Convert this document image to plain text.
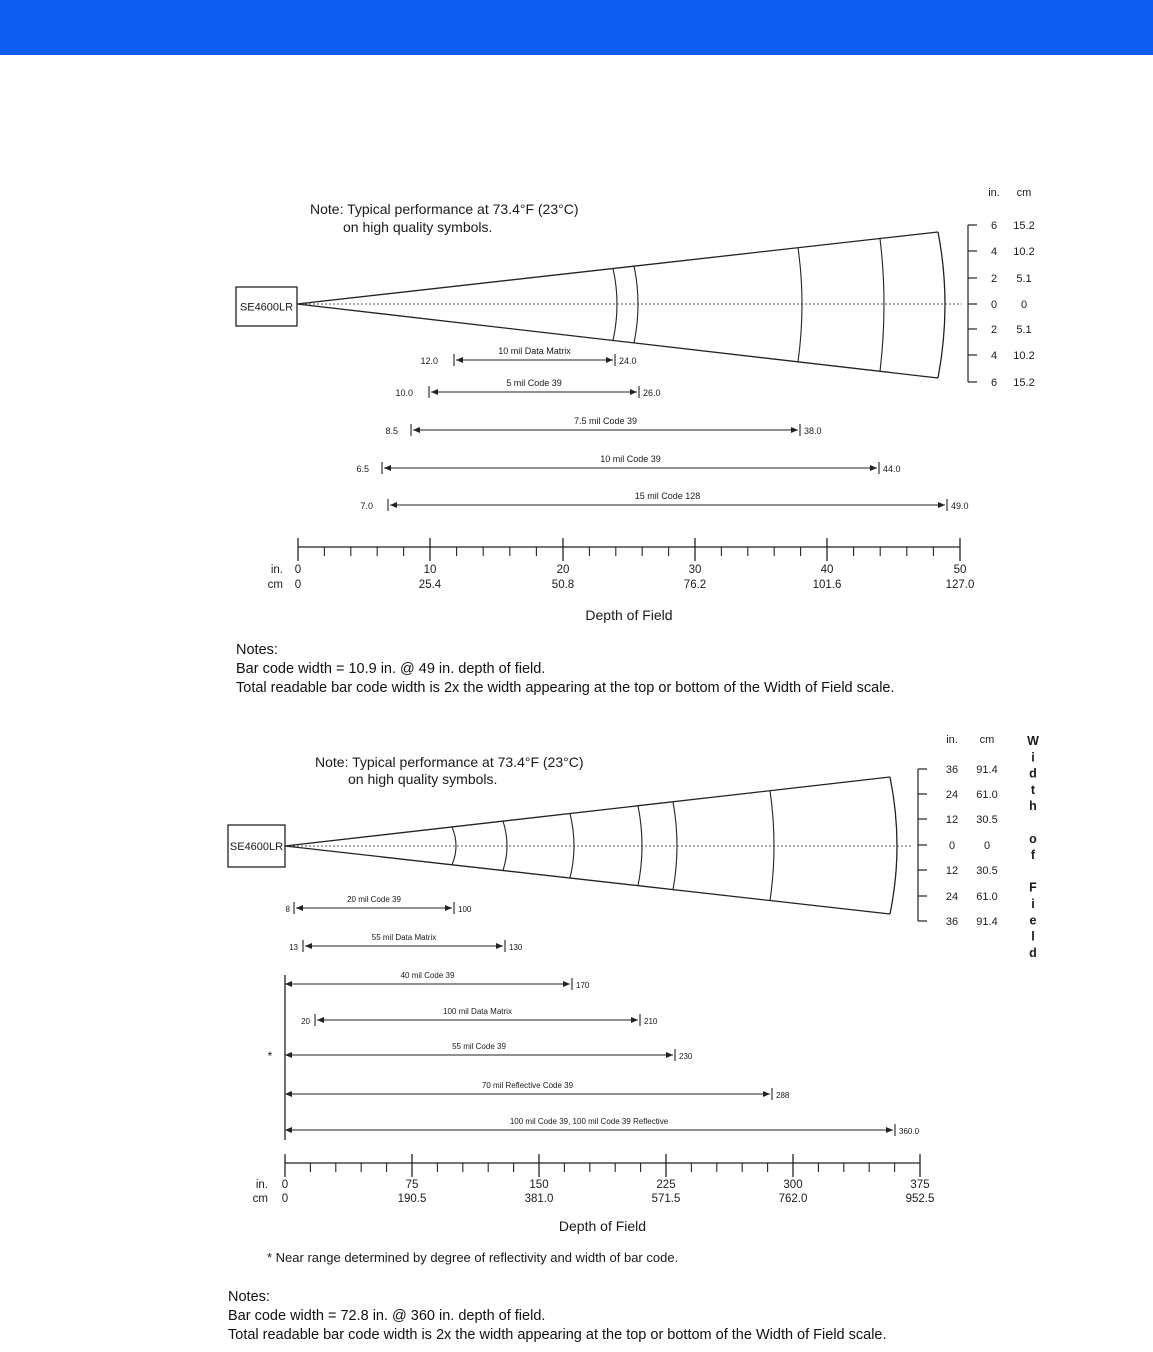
Note: Typical performance at 73.4°F (23°C)
on high quality symbols.
SE4600LR
in. cm
6 15.2
4 10.2
2 5.1
0 0
2 5.1
4 10.2
6 15.2
24.0
12.0
10 mil Data Matrix
26.0
10.0
5 mil Code 39
38.0
8.5
7.5 mil Code 39
44.0
6.5
10 mil Code 39
49.0
7.0
15 mil Code 128
0
0
10
25.4
20
50.8
30
76.2
40
101.6
50
127.0
in.
cm
Depth of Field
Note: Typical performance at 73.4°F (23°C)
on high quality symbols.
SE4600LR
in. cm
36 91.4
24 61.0
12 30.5
0	0
12 30.5
24 61.0
36 91.4
W
i
d
t
h
o
f
F
i
e
l
d
100
8
20 mil Code 39
130
13
55 mil Data Matrix
170
40 mil Code 39
210
20
100 mil Data Matrix
230
55 mil Code 39
288
70 mil Reflective Code 39
360.0
100 mil Code 39, 100 mil Code 39 Reflective
*
0
0
75
190.5
150
381.0
225
571.5
300
762.0
375
952.5
in.
cm
Depth of Field
* Near range determined by degree of reflectivity and width of bar code.
Notes:
Bar code width = 10.9 in. @ 49 in. depth of field.
Total readable bar code width is 2x the width appearing at the top or bottom of the Width of Field scale.
Notes:
Bar code width = 72.8 in. @ 360 in. depth of field.
Total readable bar code width is 2x the width appearing at the top or bottom of the Width of Field scale.
